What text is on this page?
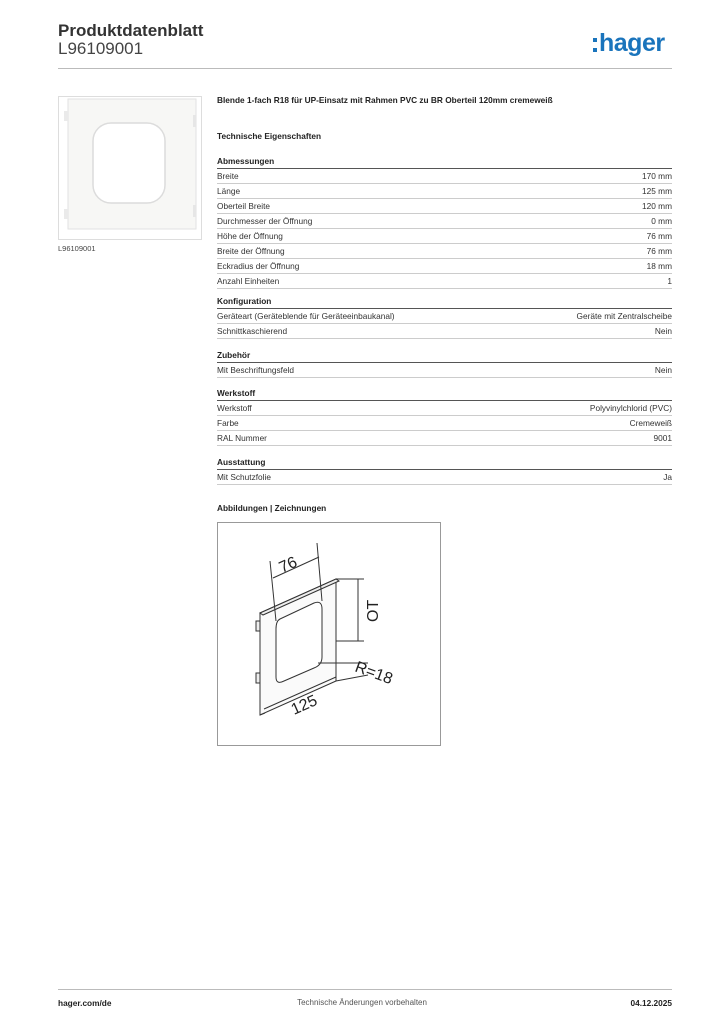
Produktdatenblatt
L96109001	hager
L96109001
Blende 1-fach R18 für UP-Einsatz mit Rahmen PVC zu BR Oberteil 120mm cremeweiß
Technische Eigenschaften
Abmessungen
Breite	170 mm
Länge	125 mm
Oberteil Breite	120 mm
Durchmesser der Öffnung	0 mm
Höhe der Öffnung	76 mm
Breite der Öffnung	76 mm
Eckradius der Öffnung	18 mm
Anzahl Einheiten	1
Konfiguration
Geräteart (Geräteblende für Geräteeinbaukanal)	Geräte mit Zentralscheibe
Schnittkaschierend	Nein
Zubehör
Mit Beschriftungsfeld	Nein
Werkstoff
Werkstoff	Polyvinylchlorid (PVC)
Farbe	Cremeweiß
RAL Nummer	9001
Ausstattung
Mit Schutzfolie	Ja
Abbildungen | Zeichnungen
76
OT
R=18
125
hager.com/de	Technische Änderungen vorbehalten	04.12.2025
